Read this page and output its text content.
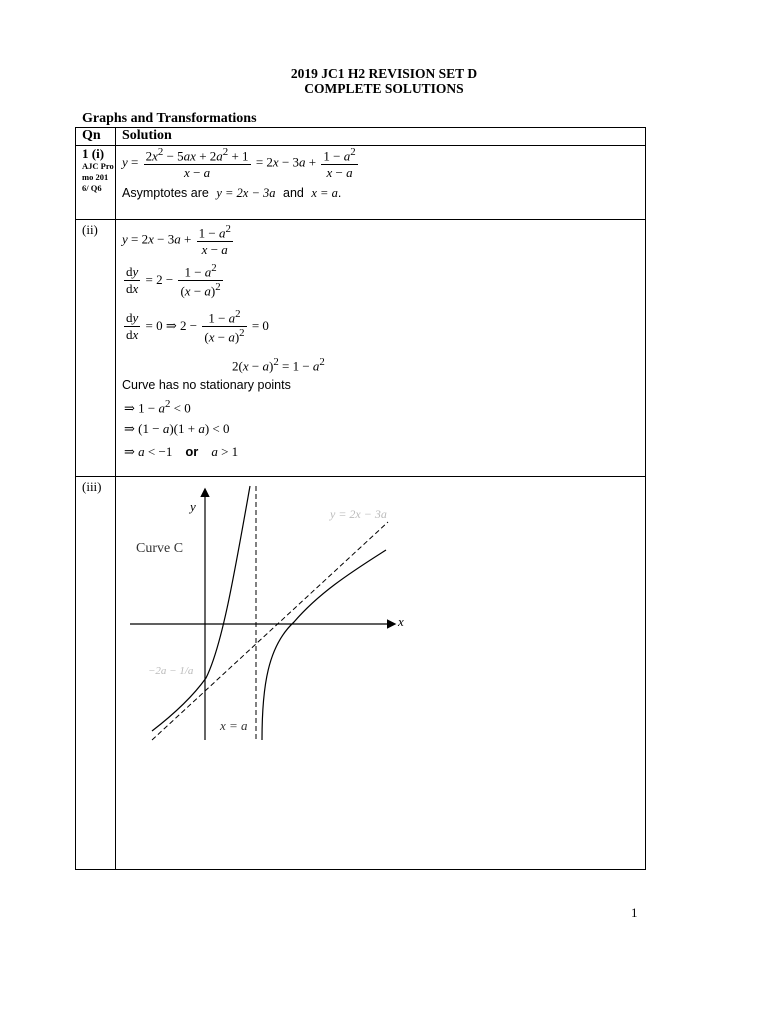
2019 JC1 H2 REVISION SET D
COMPLETE SOLUTIONS
Graphs and Transformations
Qn Solution
1 (i)
AJC Promo 2016/ Q6
(ii)
(iii)
$y = \frac{2x^2 - 5ax + 2a^2 + 1}{x - a} = 2x - 3a + \frac{1 - a^2}{x - a}$
Asymptotes are y = 2x − 3a and x = a.
$y = 2x - 3a + \frac{1 - a^2}{x - a}$
$\frac{dy}{dx} = 2 - \frac{1 - a^2}{(x - a)^2}$
$\frac{dy}{dx} = 0$ ⇒ $2 - \frac{1 - a^2}{(x - a)^2} = 0$
$2(x - a)^2 = 1 - a^2$
Curve has no stationary points
⇒ $1 - a^2 < 0$
⇒ (1 − a)(1 + a) < 0
⇒ a < −1    or a > 1
y
x
Curve C
y = 2x − 3a
x = a
−2a − 1/a
1
